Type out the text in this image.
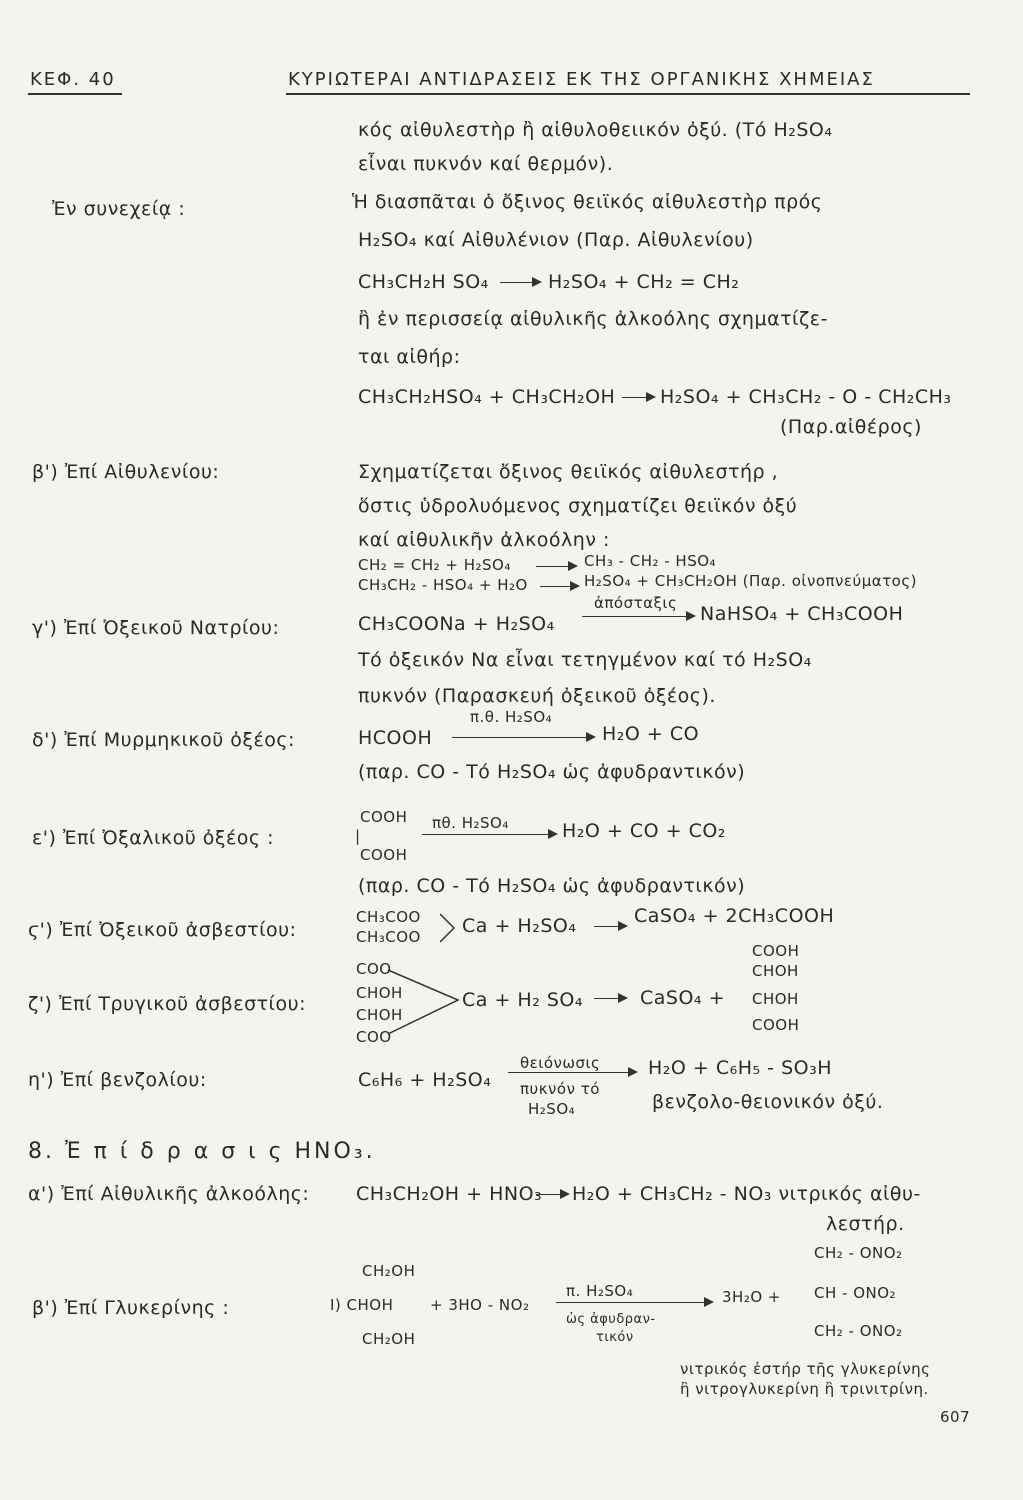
ΚΕΦ. 40	ΚΥΡΙΩΤΕΡΑΙ ΑΝΤΙΔΡΑΣΕΙΣ ΕΚ ΤΗΣ ΟΡΓΑΝΙΚΗΣ ΧΗΜΕΙΑΣ
κός αἰθυλεστὴρ ἢ αἰθυλοθειικόν ὀξύ. (Τό H₂SO₄
εἶναι πυκνόν καί θερμόν).
Ἐν συνεχείᾳ :	Ἡ διασπᾶται ὁ ὄξινος θειϊκός αἰθυλεστὴρ πρός
H₂SO₄ καί Αἰθυλένιον (Παρ. Αἰθυλενίου)
CH₃CH₂H SO₄ → H₂SO₄ + CH₂ = CH₂
ἢ ἐν περισσείᾳ αἰθυλικῆς ἀλκοόλης σχηματίζε-
ται αἰθήρ:
CH₃CH₂HSO₄ + CH₃CH₂OH → H₂SO₄ + CH₃CH₂ - O - CH₂CH₃
(Παρ.αἰθέρος)
β') Ἐπί Αἰθυλενίου:	Σχηματίζεται ὄξινος θειϊκός αἰθυλεστήρ ,
ὅστις ὑδρολυόμενος σχηματίζει θειϊκόν ὀξύ
καί αἰθυλικῆν ἀλκοόλην :
CH₂ = CH₂ + H₂SO₄ → CH₃ - CH₂ - HSO₄
CH₃CH₂ - HSO₄ + H₂O → H₂SO₄ + CH₃CH₂OH (Παρ. οἰνοπνεύματος)
γ') Ἐπί Ὀξεικοῦ Νατρίου:	CH₃COONa + H₂SO₄
ἀπόσταξις NaHSO₄ + CH₃COOH
Τό ὀξεικόν Να εἶναι τετηγμένον καί τό H₂SO₄
πυκνόν (Παρασκευή ὀξεικοῦ ὀξέος).
δ') Ἐπί Μυρμηκικοῦ ὀξέος:	HCOOH
π.θ. H₂SO₄
H₂O + CO
(παρ. CO - Τό H₂SO₄ ὡς ἀφυδραντικόν)
ε') Ἐπί Ὀξαλικοῦ ὀξέος :
COOH
|
COOH
πθ. H₂SO₄	H₂O + CO + CO₂
(παρ. CO - Τό H₂SO₄ ὡς ἀφυδραντικόν)
ϛ') Ἐπί Ὀξεικοῦ ἀσβεστίου:
CH₃COO
CH₃COO Ca + H₂SO₄ → CaSO₄ + 2CH₃COOH
ζ') Ἐπί Τρυγικοῦ ἀσβεστίου:
COO
CHOH
CHOH
COO
Ca + H₂ SO₄ → CaSO₄ +
COOH
CHOH
CHOH
COOH
η') Ἐπί βενζολίου:	C₆H₆ + H₂SO₄
θειόνωσις
πυκνόν τό
H₂SO₄
H₂O + C₆H₅ - SO₃H
βενζολο-θειονικόν ὀξύ.
8. Ἐ π ί δ ρ α σ ι ς HNO₃.
α') Ἐπί Αἰθυλικῆς ἀλκοόλης: CH₃CH₂OH + HNO₃ → H₂O + CH₃CH₂ - NO₃ νιτρικός αἰθυ-
λεστήρ.
β') Ἐπί Γλυκερίνης :
CH₂OH
I) CHOH
CH₂OH
+ 3HO - NO₂
π. H₂SO₄
ὡς ἀφυδραν-
τικόν
3H₂O +
CH₂ - ONO₂
CH - ONO₂
CH₂ - ONO₂
νιτρικός ἐστήρ τῆς γλυκερίνης
ἢ νιτρογλυκερίνη ἢ τρινιτρίνη.
607
